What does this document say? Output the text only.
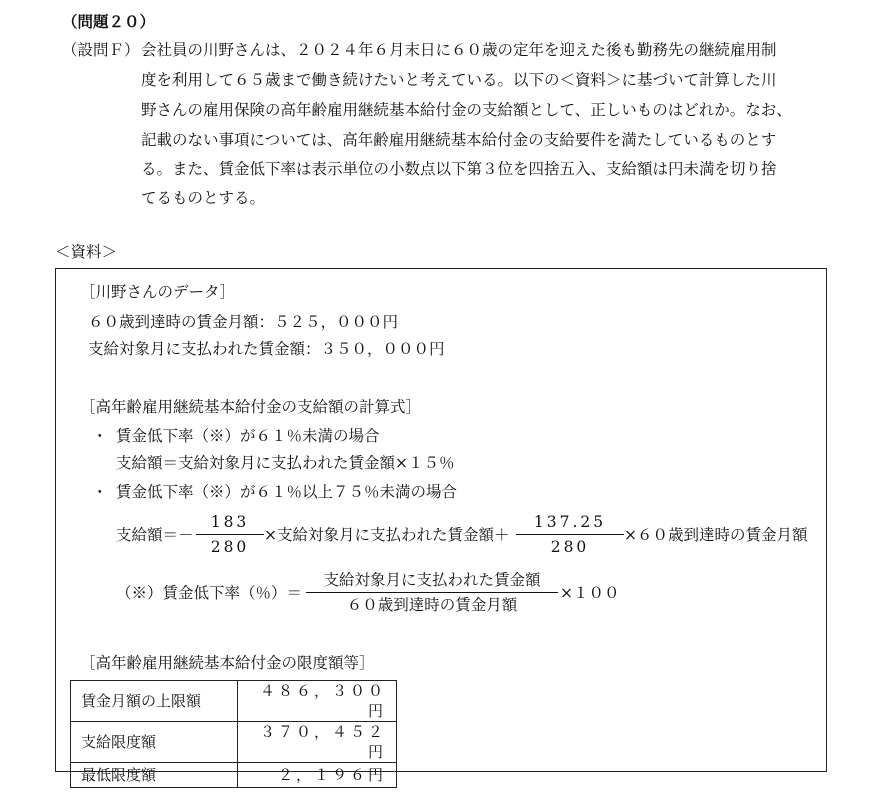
（問題２０）
（設問Ｆ） 会社員の川野さんは、２０２４年６月末日に６０歳の定年を迎えた後も勤務先の継続雇用制
度を利用して６５歳まで働き続けたいと考えている。以下の＜資料＞に基づいて計算した川
野さんの雇用保険の高年齢雇用継続基本給付金の支給額として、正しいものはどれか。なお、
記載のない事項については、高年齢雇用継続基本給付金の支給要件を満たしているものとす
る。また、賃金低下率は表示単位の小数点以下第３位を四捨五入、支給額は円未満を切り捨
てるものとする。
＜資料＞
［川野さんのデータ］
６０歳到達時の賃金月額：５２５，０００円
支給対象月に支払われた賃金額：３５０，０００円
［高年齢雇用継続基本給付金の支給額の計算式］
・ 賃金低下率（※）が６１％未満の場合
支給額＝支給対象月に支払われた賃金額×１５％
・ 賃金低下率（※）が６１％以上７５％未満の場合
支給額＝－ $\frac{183}{280}$ ×支給対象月に支払われた賃金額＋ $\frac{137.25}{280} \times 60$歳到達時の賃金月額
（※）賃金低下率（％）＝
支給対象月に支払われた賃金額
６０歳到達時の賃金月額
×１００
［高年齢雇用継続基本給付金の限度額等］
賃金月額の上限額	４８６，３００円
支給限度額	３７０，４５２円
最低限度額	２，１９６円
